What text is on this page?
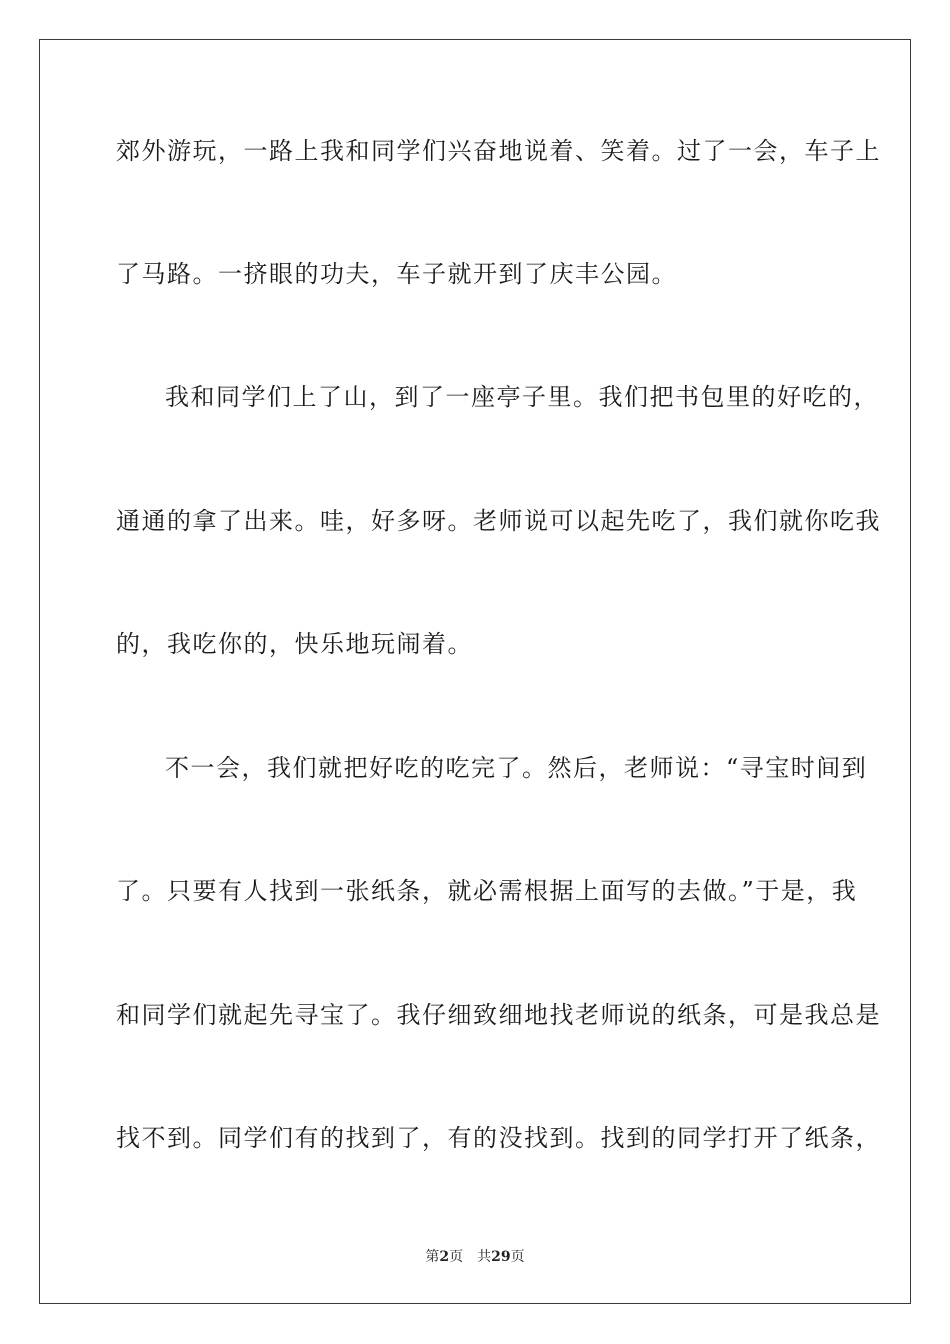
郊外游玩，一路上我和同学们兴奋地说着、笑着。过了一会，车子上
了马路。一挤眼的功夫，车子就开到了庆丰公园。
我和同学们上了山，到了一座亭子里。我们把书包里的好吃的，
通通的拿了出来。哇，好多呀。老师说可以起先吃了，我们就你吃我
的，我吃你的，快乐地玩闹着。
不一会，我们就把好吃的吃完了。然后，老师说：“寻宝时间到
了。只要有人找到一张纸条，就必需根据上面写的去做。”于是，我
和同学们就起先寻宝了。我仔细致细地找老师说的纸条，可是我总是
找不到。同学们有的找到了，有的没找到。找到的同学打开了纸条，
第2页 共29页
